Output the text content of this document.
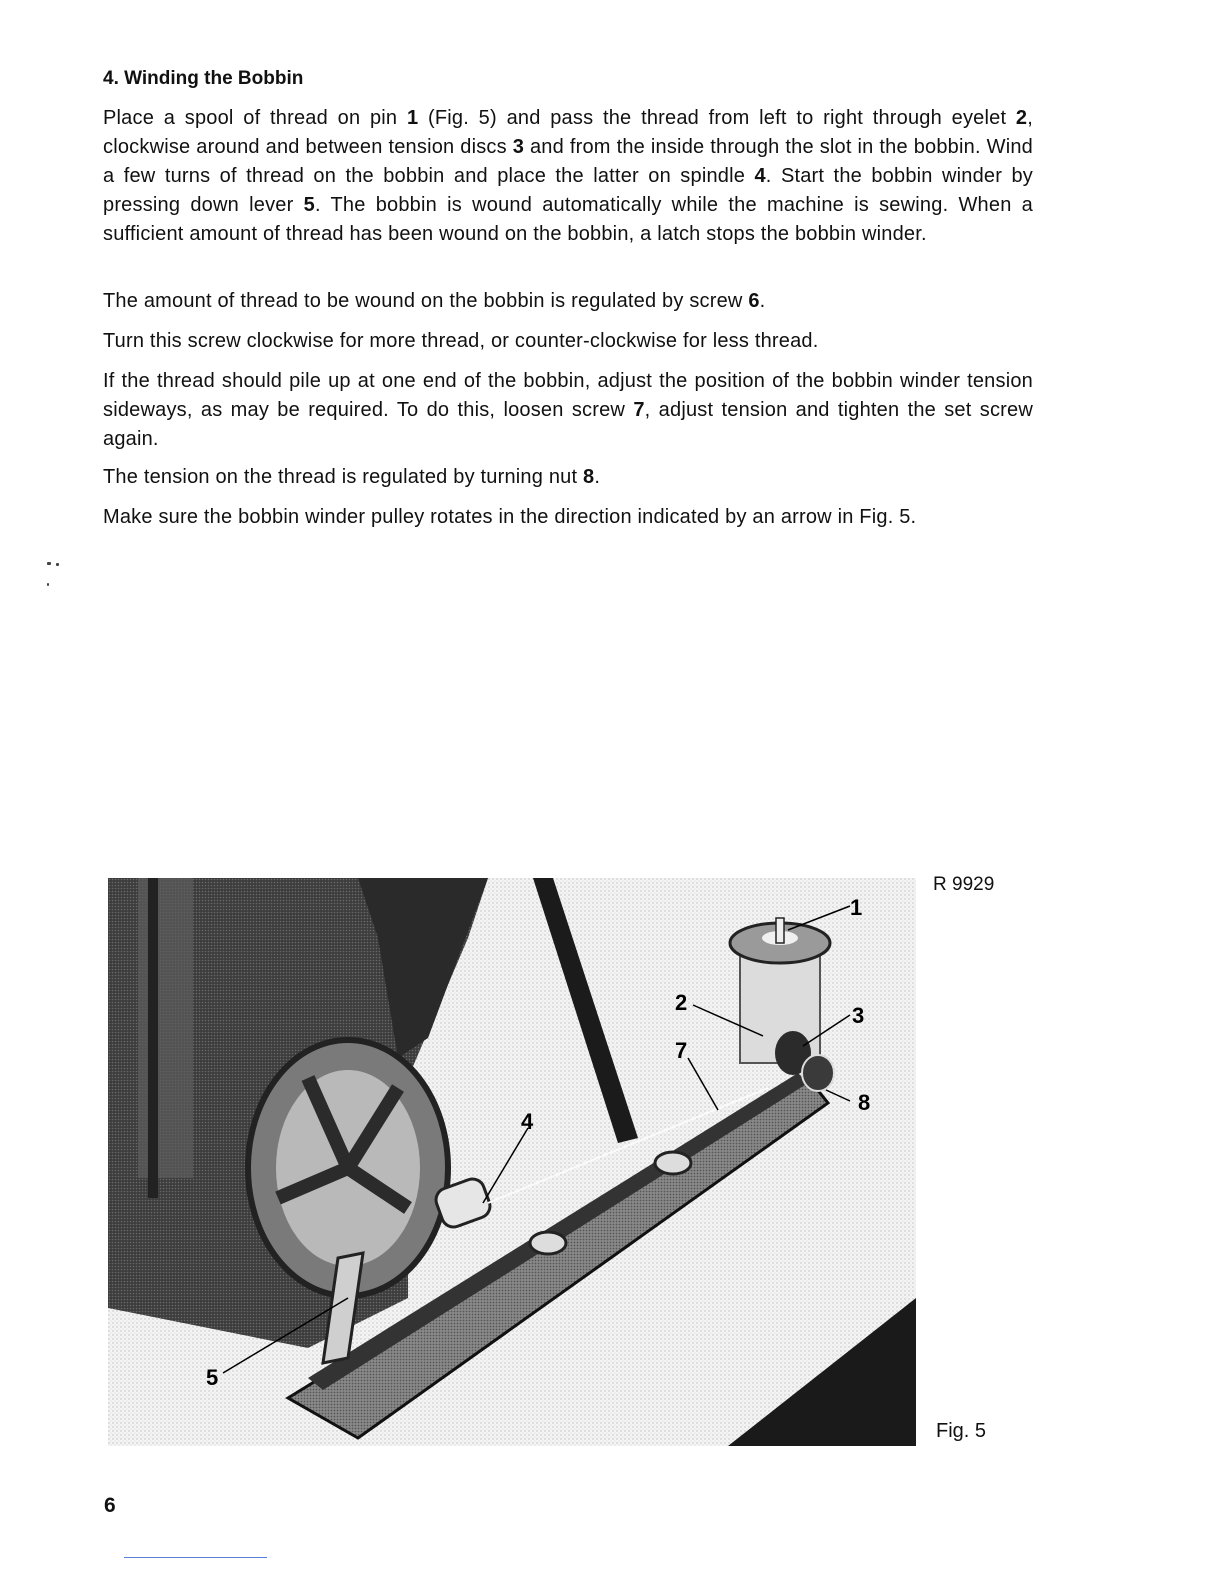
4. Winding the Bobbin

Place a spool of thread on pin 1 (Fig. 5) and pass the thread from left to right through eyelet 2, clockwise around and between tension discs 3 and from the inside through the slot in the bobbin. Wind a few turns of thread on the bobbin and place the latter on spindle 4. Start the bobbin winder by pressing down lever 5. The bobbin is wound automatically while the machine is sewing. When a sufficient amount of thread has been wound on the bobbin, a latch stops the bobbin winder.

The amount of thread to be wound on the bobbin is regulated by screw 6.

Turn this screw clockwise for more thread, or counter-clockwise for less thread.

If the thread should pile up at one end of the bobbin, adjust the position of the bobbin winder tension sideways, as may be required. To do this, loosen screw 7, adjust tension and tighten the set screw again.

The tension on the thread is regulated by turning nut 8.

Make sure the bobbin winder pulley rotates in the direction indicated by an arrow in Fig. 5.

R 9929
1
2
3
4
5
7
8
Fig. 5
6
